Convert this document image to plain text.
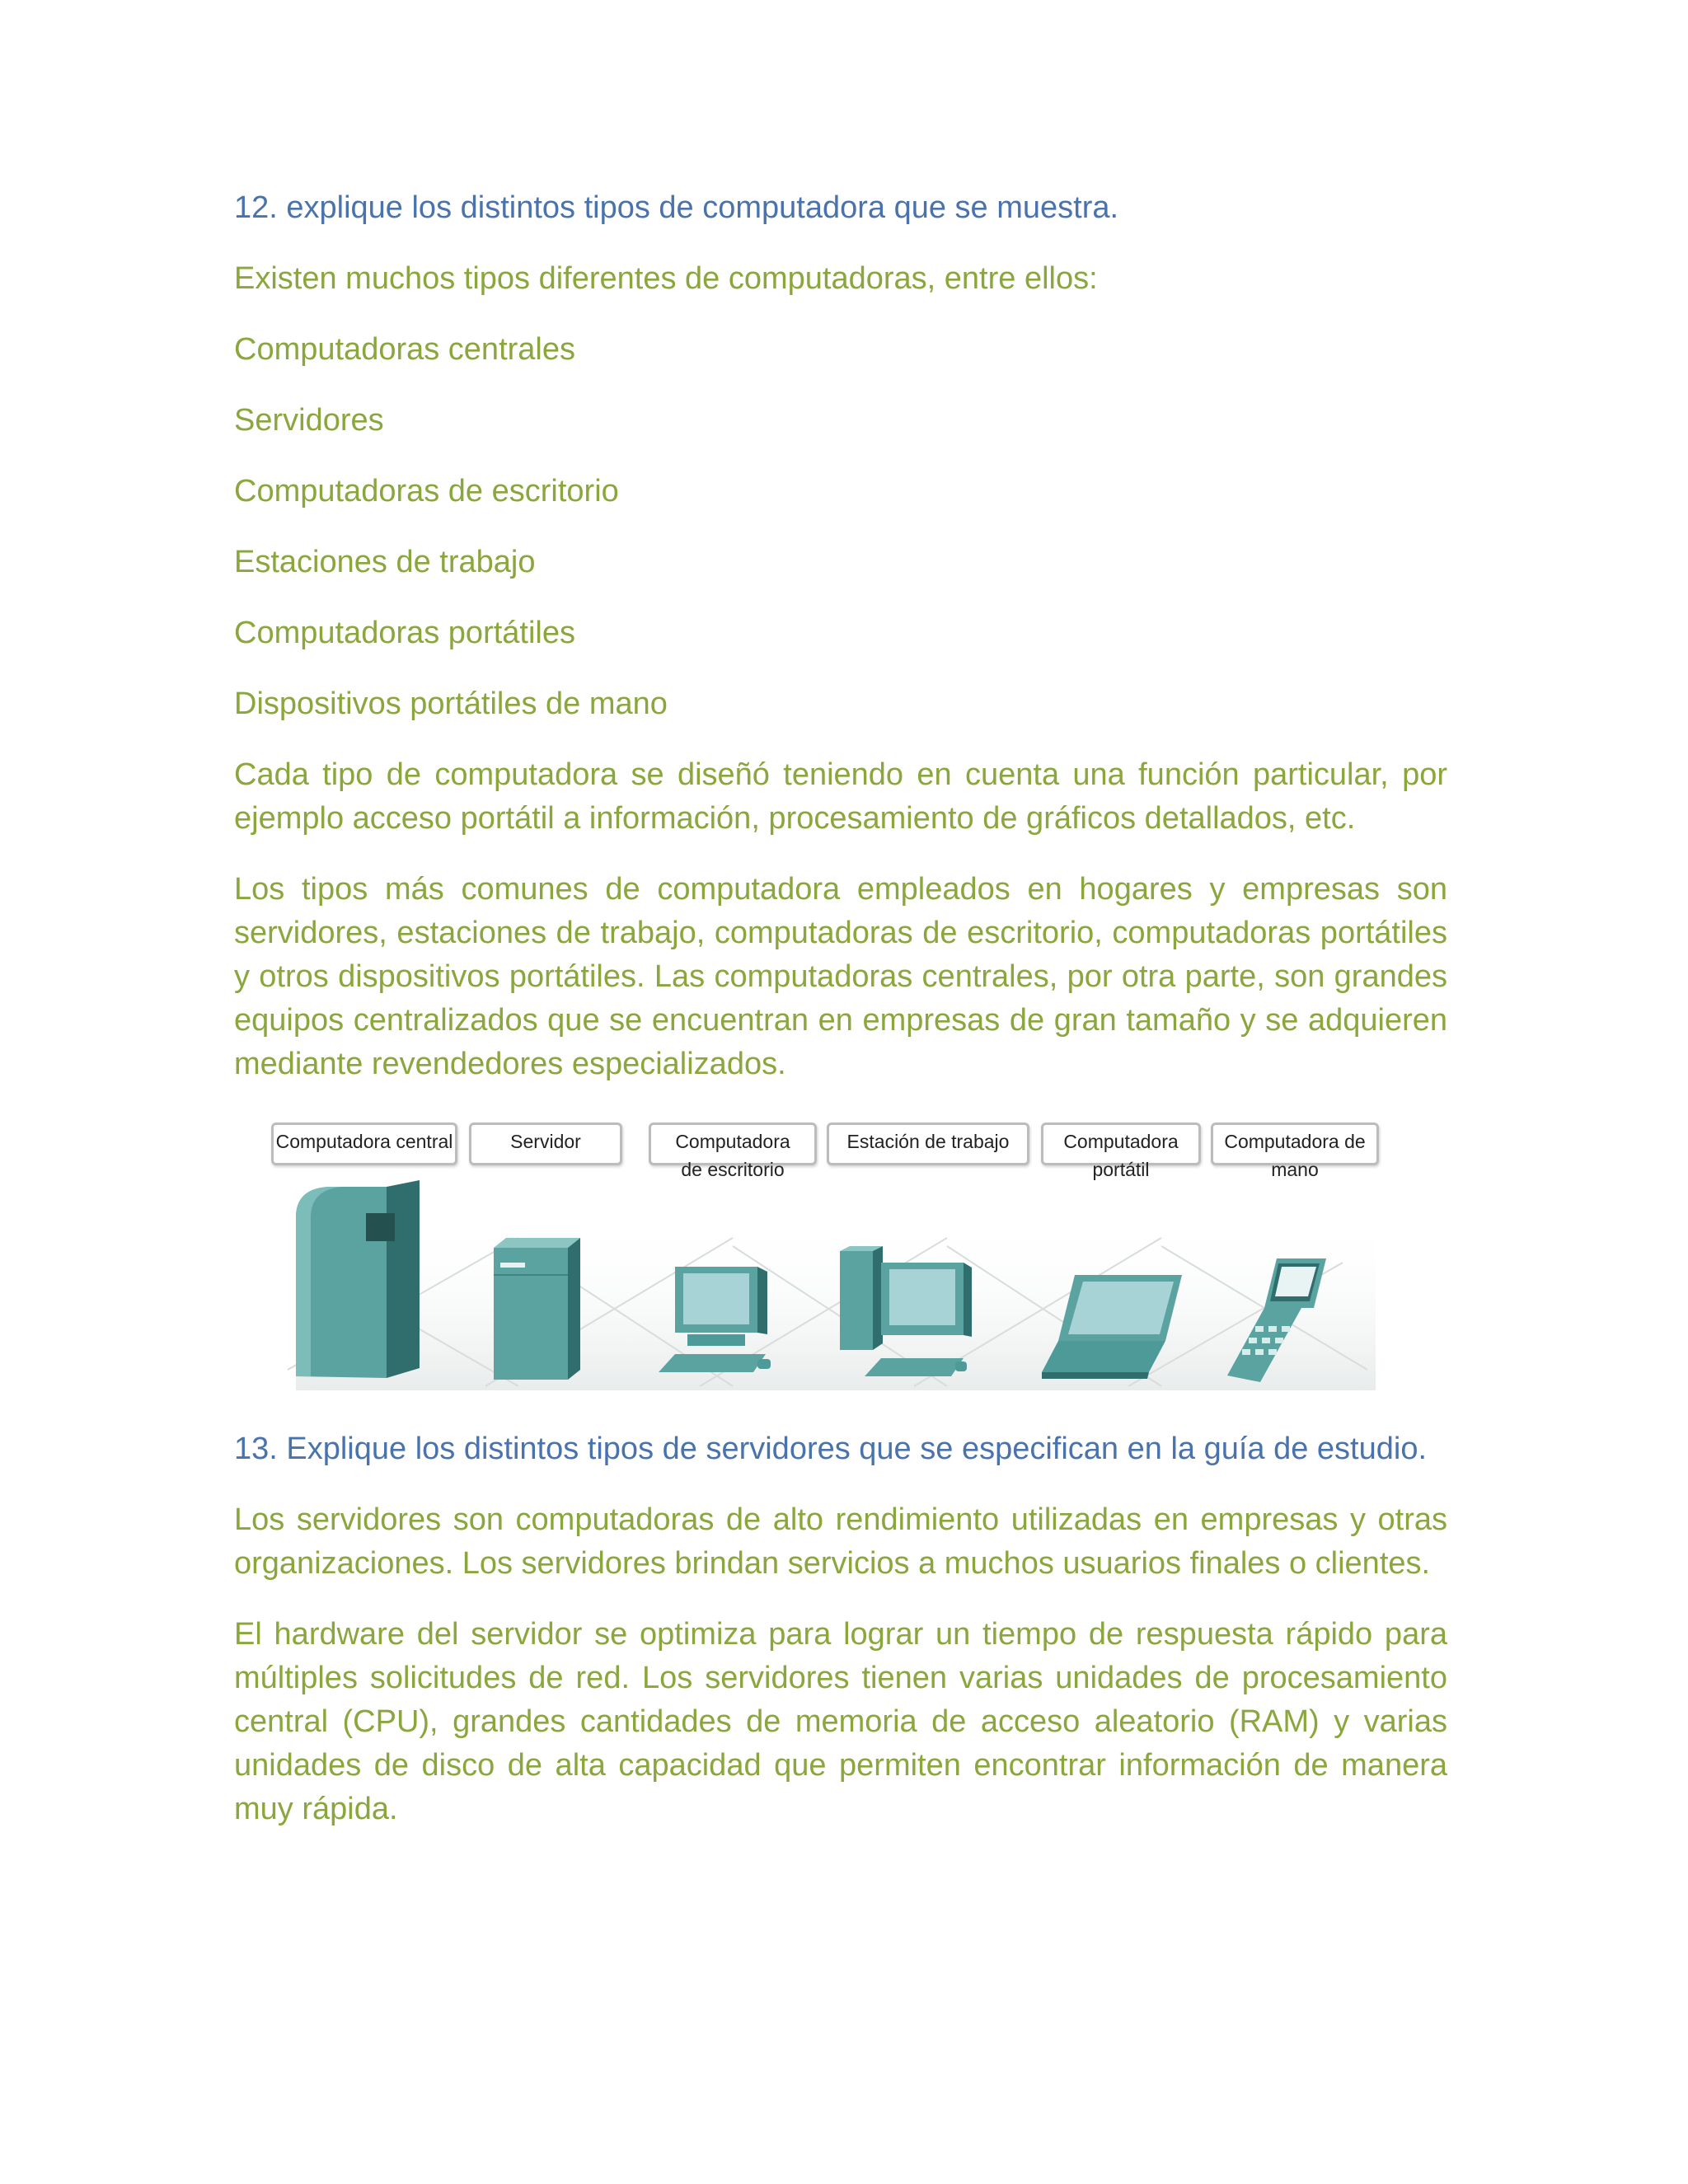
12. explique los distintos tipos de computadora que se muestra.

Existen muchos tipos diferentes de computadoras, entre ellos:

Computadoras centrales

Servidores

Computadoras de escritorio

Estaciones de trabajo

Computadoras portátiles

Dispositivos portátiles de mano

Cada tipo de computadora se diseñó teniendo en cuenta una función particular, por ejemplo acceso portátil a información, procesamiento de gráficos detallados, etc.

Los tipos más comunes de computadora empleados en hogares y empresas son servidores, estaciones de trabajo, computadoras de escritorio, computadoras portátiles y otros dispositivos portátiles. Las computadoras centrales, por otra parte, son grandes equipos centralizados que se encuentran en empresas de gran tamaño y se adquieren mediante revendedores especializados.

Computadora central	Servidor	Computadora
de escritorio
Estación de trabajo	Computadora
portátil
Computadora de
mano

13. Explique los distintos tipos de servidores que se especifican en la guía de estudio.

Los servidores son computadoras de alto rendimiento utilizadas en empresas y otras organizaciones. Los servidores brindan servicios a muchos usuarios finales o clientes.

El hardware del servidor se optimiza para lograr un tiempo de respuesta rápido para múltiples solicitudes de red. Los servidores tienen varias unidades de procesamiento central (CPU), grandes cantidades de memoria de acceso aleatorio (RAM) y varias unidades de disco de alta capacidad que permiten encontrar información de manera muy rápida.
